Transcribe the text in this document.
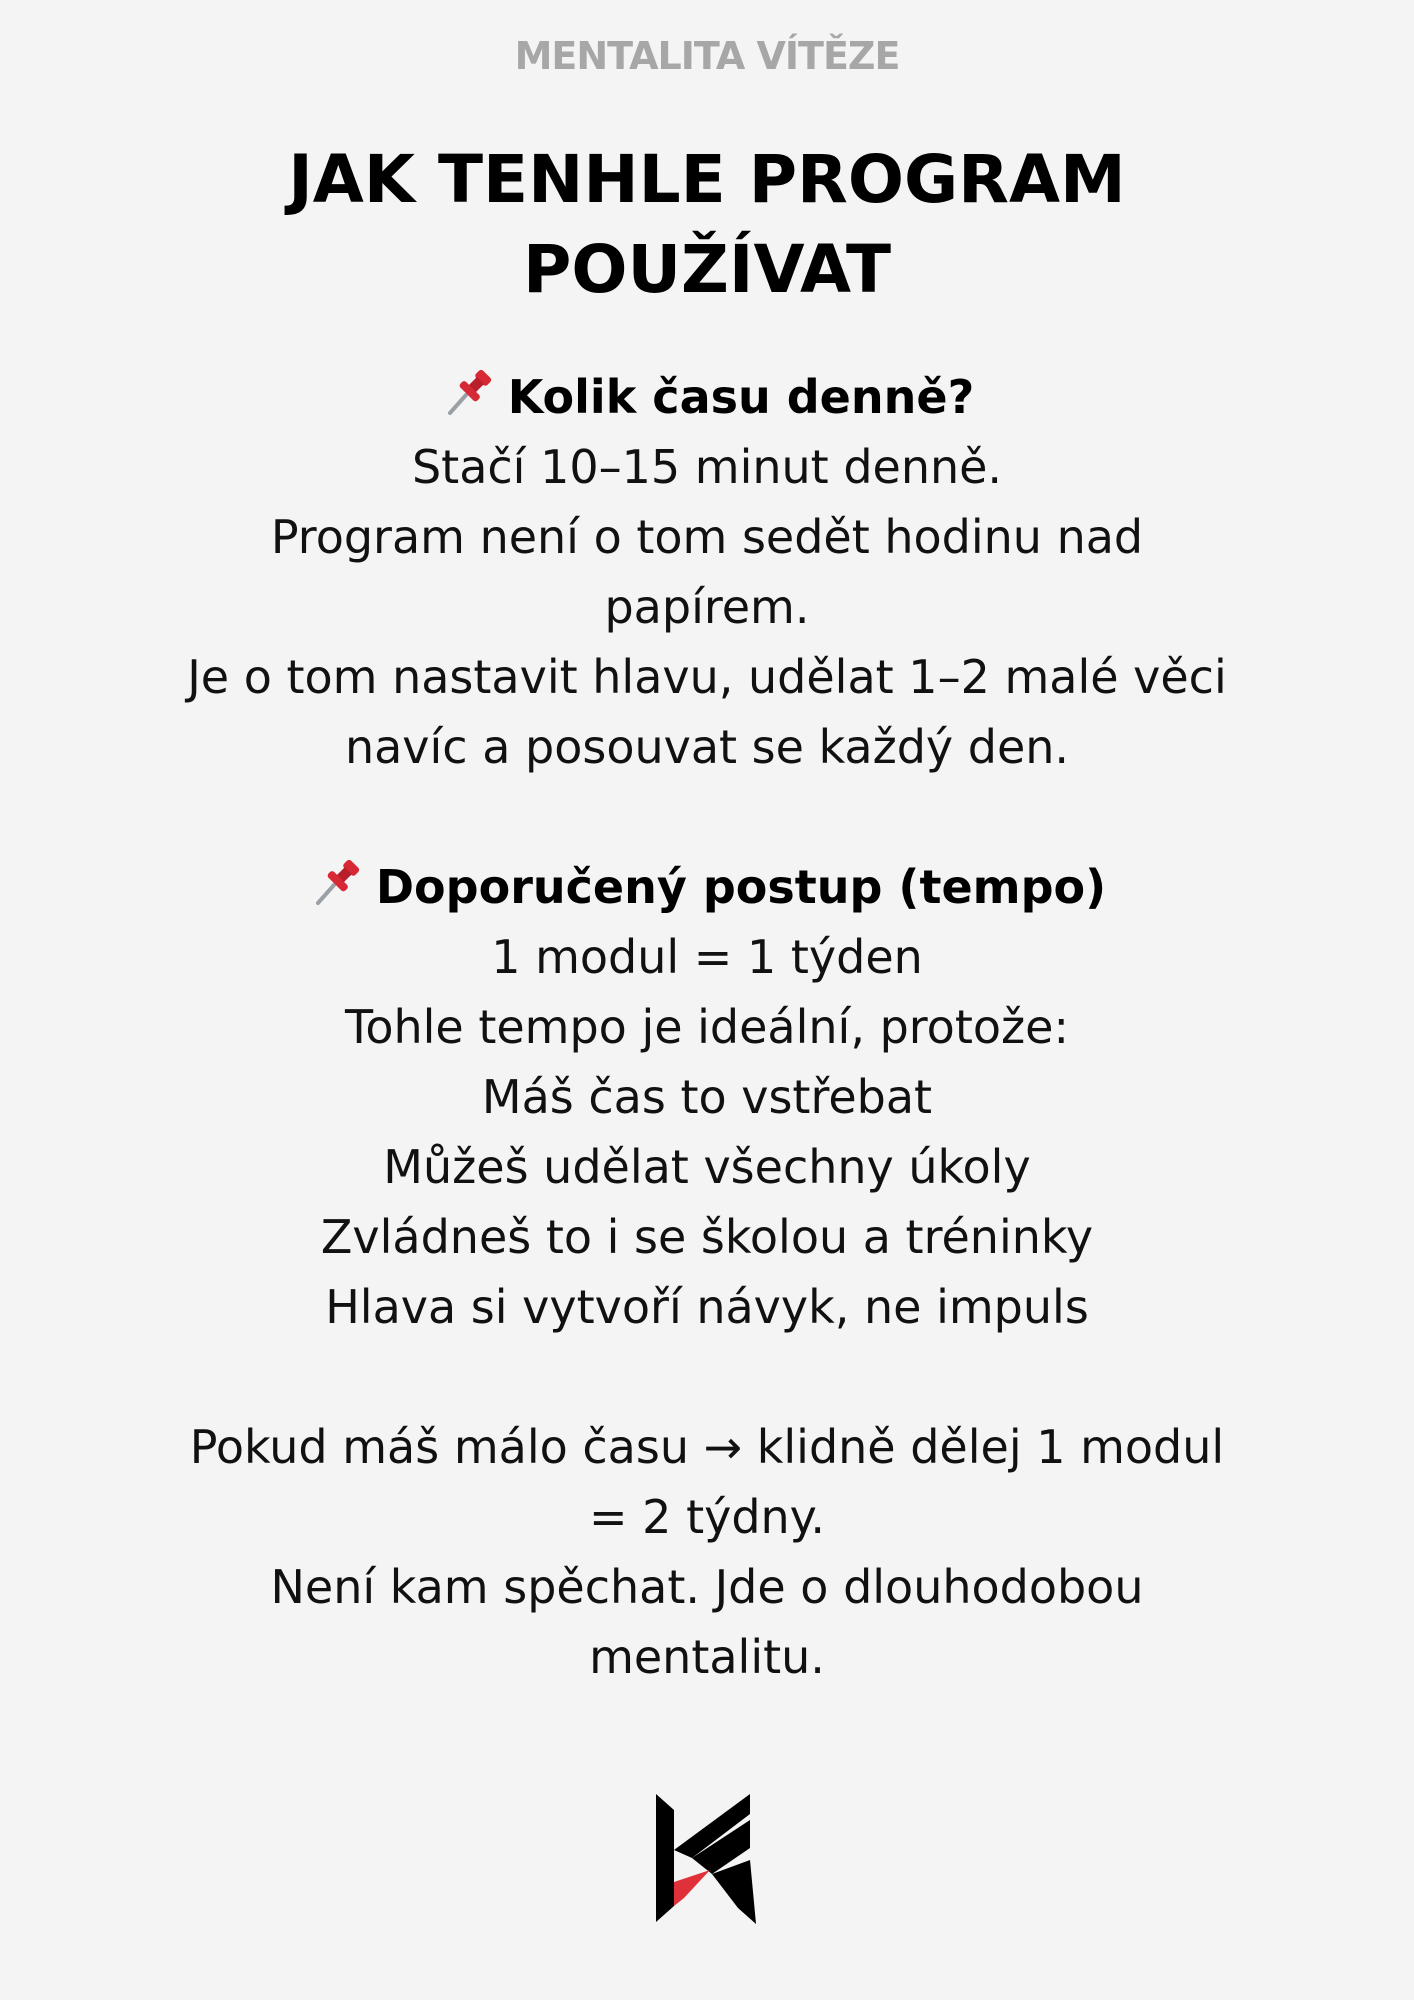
MENTALITA VÍTĚZE
JAK TENHLE PROGRAM
POUŽÍVAT
Kolik času denně?
Stačí 10–15 minut denně.
Program není o tom sedět hodinu nad
papírem.
Je o tom nastavit hlavu, udělat 1–2 malé věci
navíc a posouvat se každý den.
Doporučený postup (tempo)
1 modul = 1 týden
Tohle tempo je ideální, protože:
Máš čas to vstřebat
Můžeš udělat všechny úkoly
Zvládneš to i se školou a tréninky
Hlava si vytvoří návyk, ne impuls
Pokud máš málo času → klidně dělej 1 modul
= 2 týdny.
Není kam spěchat. Jde o dlouhodobou
mentalitu.
